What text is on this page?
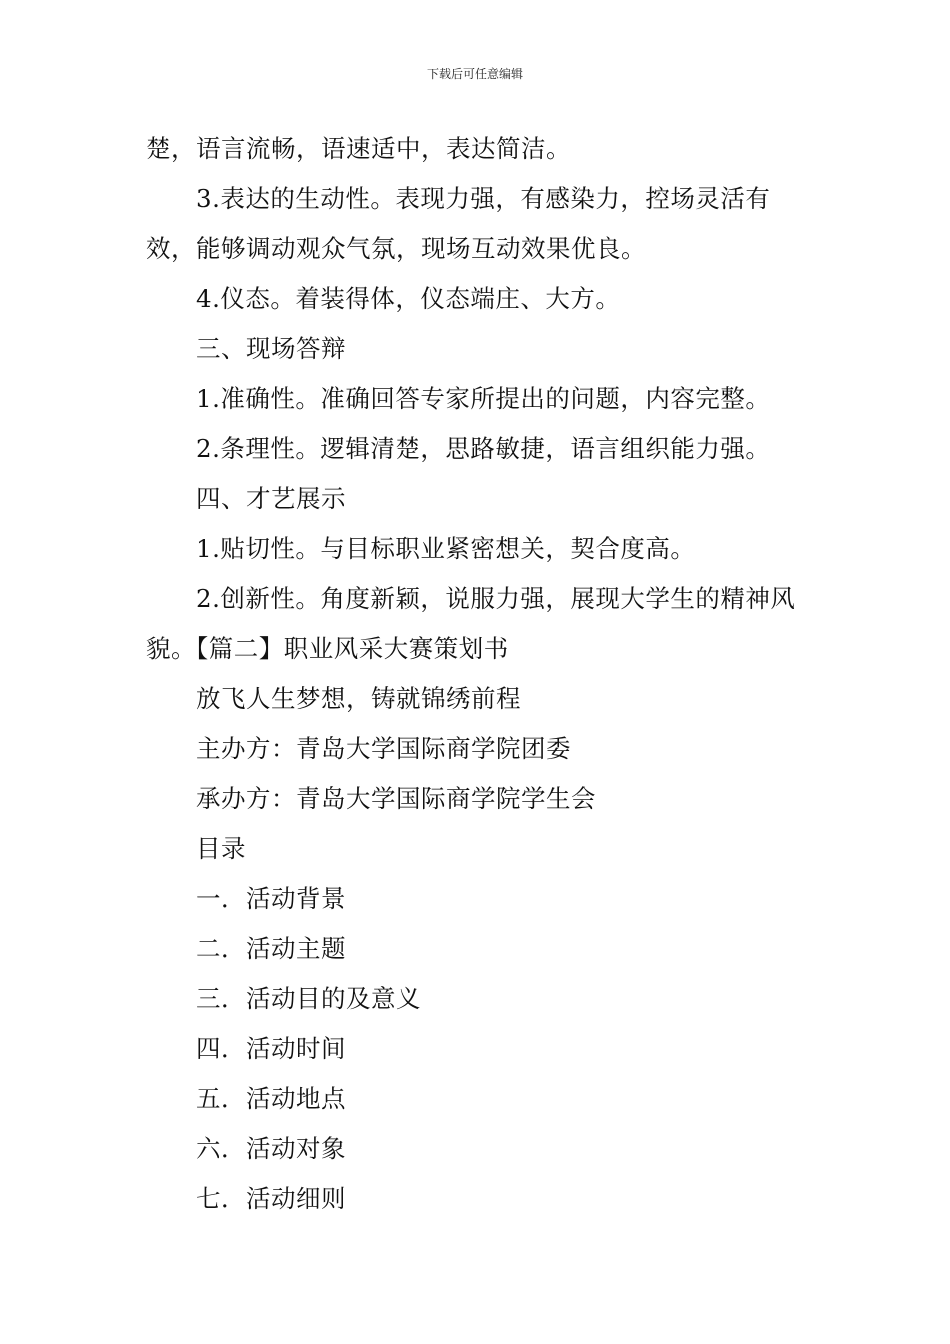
下载后可任意编辑

楚，语言流畅，语速适中，表达简洁。

3.表达的生动性。表现力强，有感染力，控场灵活有效，能够调动观众气氛，现场互动效果优良。

4.仪态。着装得体，仪态端庄、大方。

三、现场答辩

1.准确性。准确回答专家所提出的问题，内容完整。

2.条理性。逻辑清楚，思路敏捷，语言组织能力强。

四、才艺展示

1.贴切性。与目标职业紧密想关，契合度高。

2.创新性。角度新颖，说服力强，展现大学生的精神风貌。【篇二】职业风采大赛策划书

放飞人生梦想，铸就锦绣前程

主办方：青岛大学国际商学院团委

承办方：青岛大学国际商学院学生会

目录

一．活动背景

二．活动主题

三．活动目的及意义

四．活动时间

五．活动地点

六．活动对象

七．活动细则
